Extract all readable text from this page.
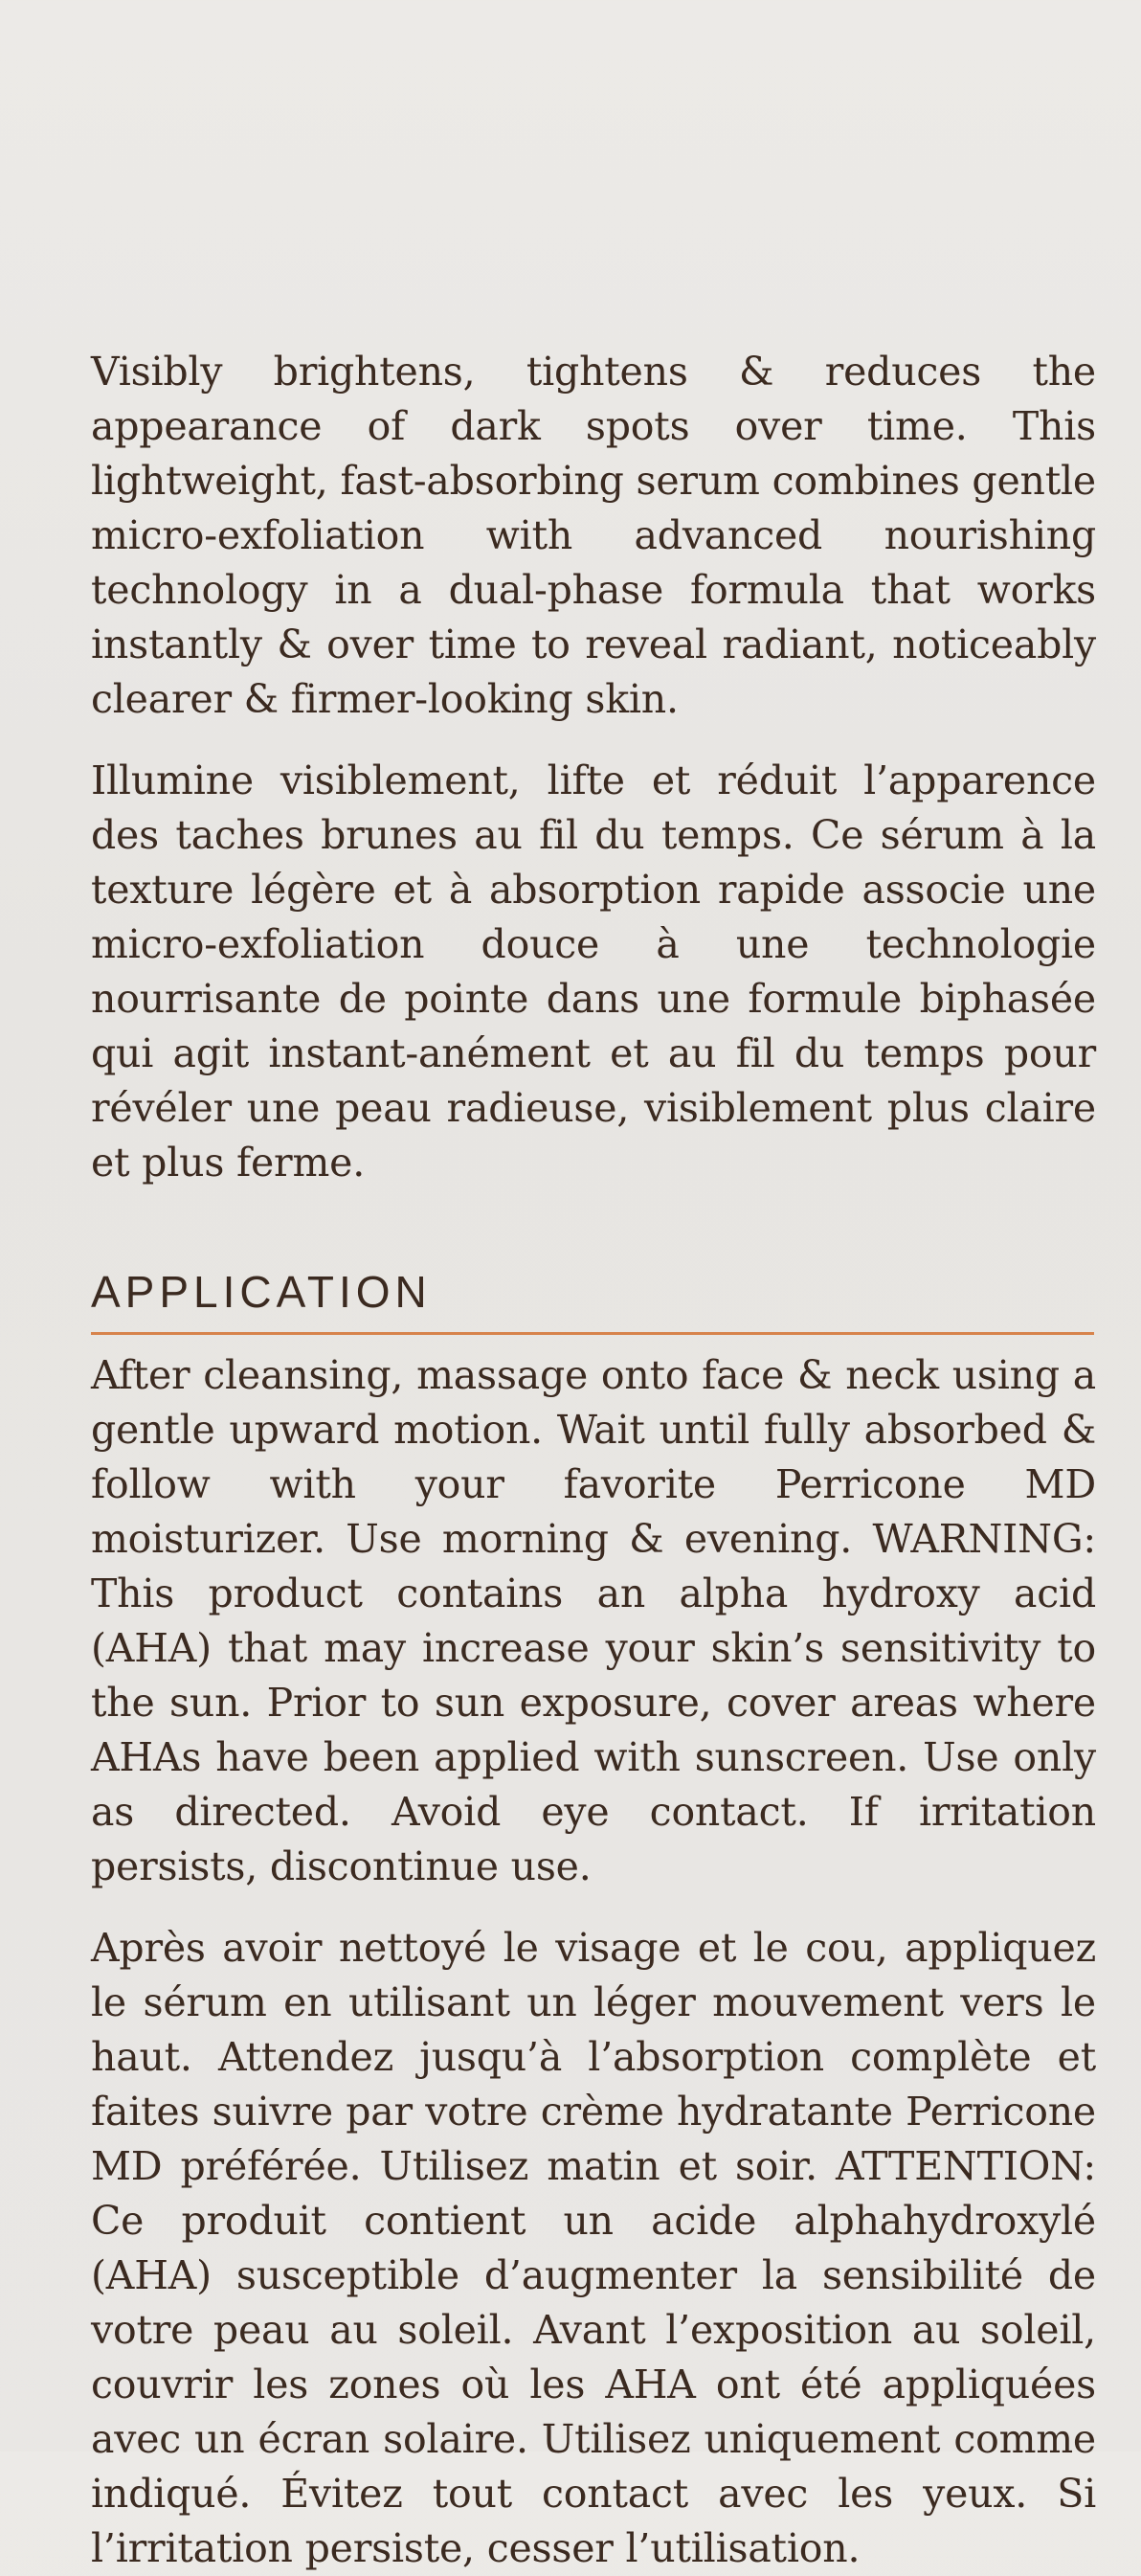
Visibly brightens, tightens & reduces the appearance of dark spots over time. This lightweight, fast-absorbing serum combines gentle micro-exfoliation with advanced nourishing technology in a dual-phase formula that works instantly & over time to reveal radiant, noticeably clearer & firmer-looking skin.

Illumine visiblement, lifte et réduit l’apparence des taches brunes au fil du temps. Ce sérum à la texture légère et à absorption rapide associe une micro-exfoliation douce à une technologie nourrisante de pointe dans une formule biphasée qui agit instant-anément et au fil du temps pour révéler une peau radieuse, visiblement plus claire et plus ferme.

APPLICATION

After cleansing, massage onto face & neck using a gentle upward motion. Wait until fully absorbed & follow with your favorite Perricone MD moisturizer. Use morning & evening. WARNING: This product contains an alpha hydroxy acid (AHA) that may increase your skin’s sensitivity to the sun. Prior to sun exposure, cover areas where AHAs have been applied with sunscreen. Use only as directed. Avoid eye contact. If irritation persists, discontinue use.

Après avoir nettoyé le visage et le cou, appliquez le sérum en utilisant un léger mouvement vers le haut. Attendez jusqu’à l’absorption complète et faites suivre par votre crème hydratante Perricone MD préférée. Utilisez matin et soir. ATTENTION: Ce produit contient un acide alphahydroxylé (AHA) susceptible d’augmenter la sensibilité de votre peau au soleil. Avant l’exposition au soleil, couvrir les zones où les AHA ont été appliquées avec un écran solaire. Utilisez uniquement comme indiqué. Évitez tout contact avec les yeux. Si l’irritation persiste, cesser l’utilisation.
